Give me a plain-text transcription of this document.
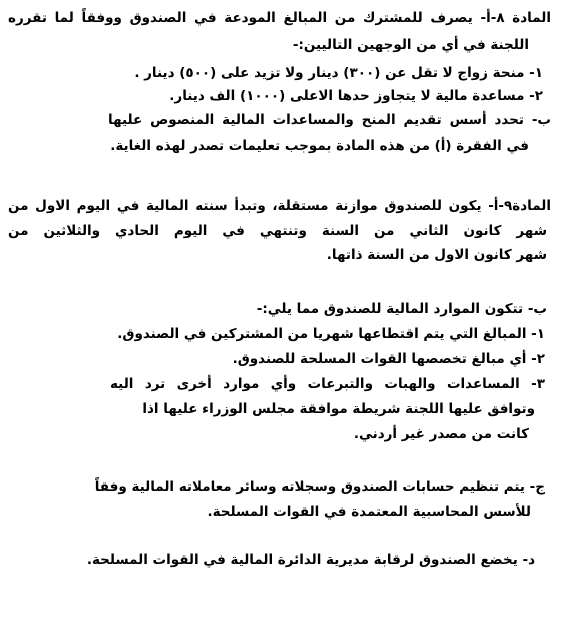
المادة ٨-أ- يصرف للمشترك من المبالغ المودعة في الصندوق ووفقاً لما تقرره
اللجنة في أي من الوجهين التاليين:-
١- منحة زواج لا تقل عن (٣٠٠) دينار ولا تزيد على (٥٠٠) دينار .
٢- مساعدة مالية لا يتجاوز حدها الاعلى (١٠٠٠) الف دينار.
ب- تحدد أسس تقديم المنح والمساعدات المالية المنصوص عليها
في الفقرة (أ) من هذه المادة بموجب تعليمات تصدر لهذه الغاية.
المادة٩-أ- يكون للصندوق موازنة مستقلة، وتبدأ سنته المالية في اليوم الاول من
شهر كانون الثاني من السنة وتنتهي في اليوم الحادي والثلاثين من
شهر كانون الاول من السنة ذاتها.
ب- تتكون الموارد المالية للصندوق مما يلي:-
١- المبالغ التي يتم اقتطاعها شهريا من المشتركين في الصندوق.
٢- أي مبالغ تخصصها القوات المسلحة للصندوق.
٣- المساعدات والهبات والتبرعات وأي موارد أخرى ترد اليه
وتوافق عليها اللجنة شريطة موافقة مجلس الوزراء عليها اذا
كانت من مصدر غير أردني.
ج- يتم تنظيم حسابات الصندوق وسجلاته وسائر معاملاته المالية وفقاً
للأسس المحاسبية المعتمدة في القوات المسلحة.
د- يخضع الصندوق لرقابة مديرية الدائرة المالية في القوات المسلحة.
